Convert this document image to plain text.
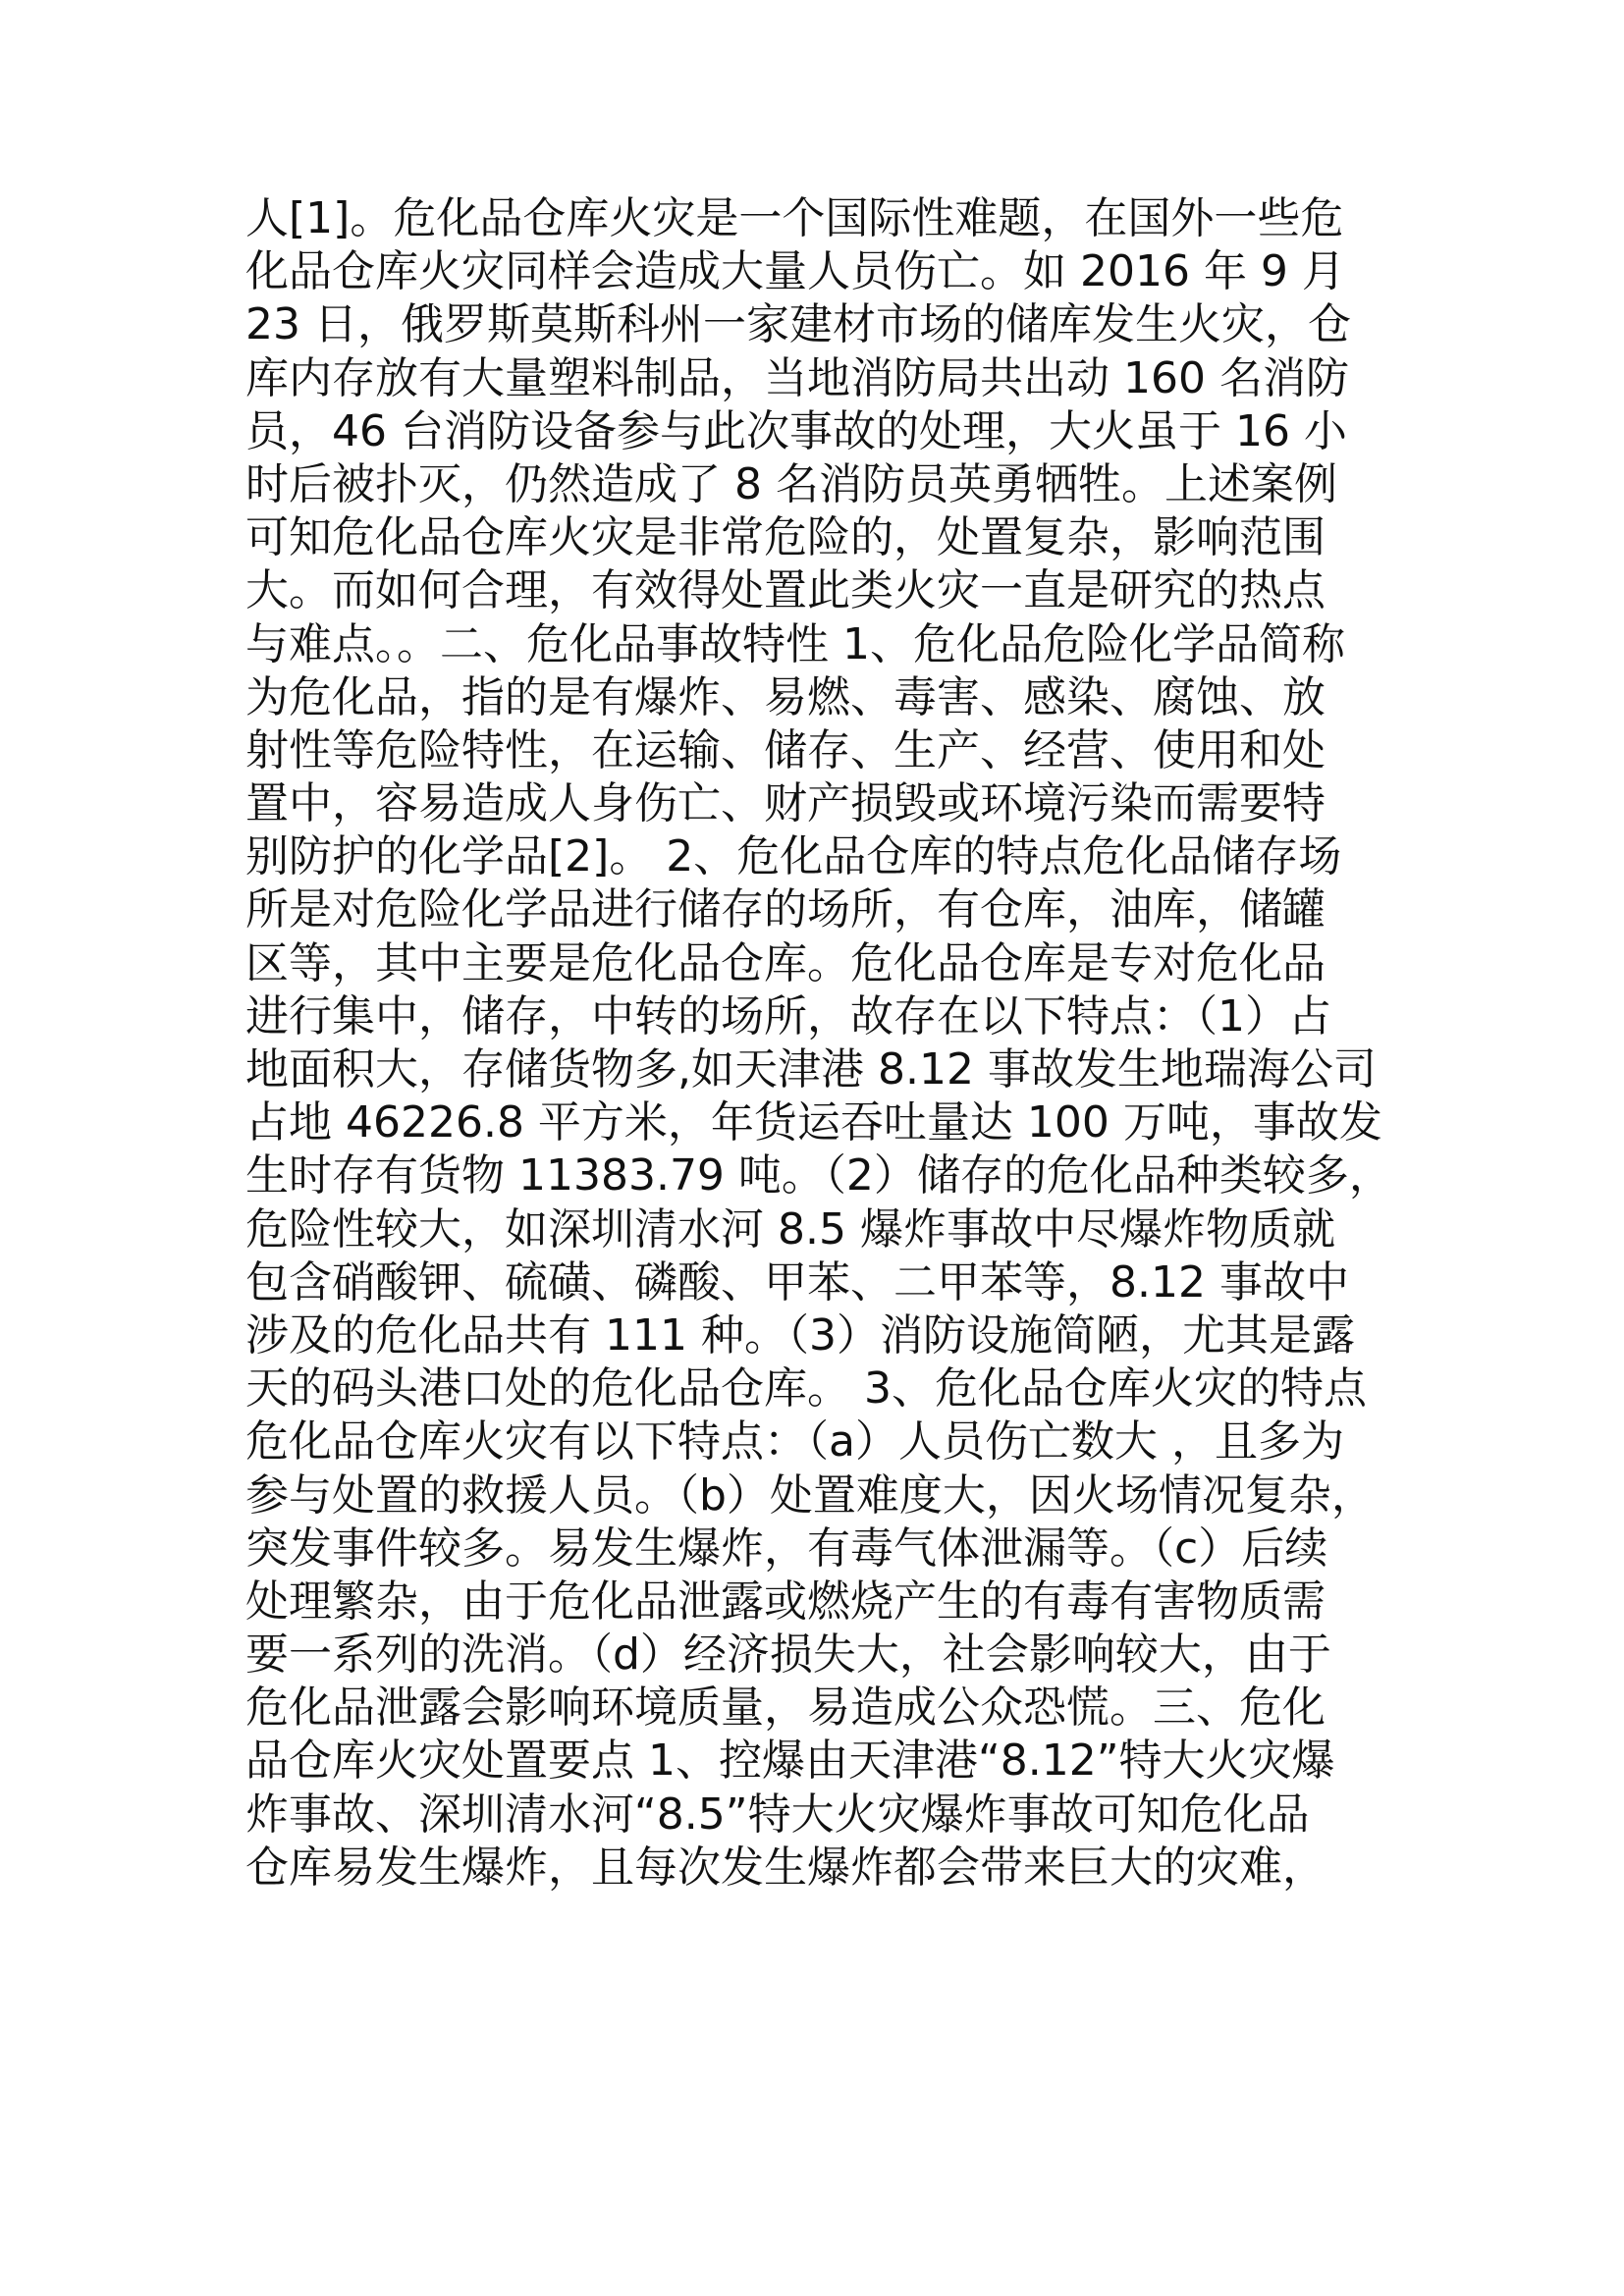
人[1]。危化品仓库火灾是一个国际性难题，在国外一些危
化品仓库火灾同样会造成大量人员伤亡。如 2016 年 9 月
23 日，俄罗斯莫斯科州一家建材市场的储库发生火灾，仓
库内存放有大量塑料制品，当地消防局共出动 160 名消防
员，46 台消防设备参与此次事故的处理，大火虽于 16 小
时后被扑灭，仍然造成了 8 名消防员英勇牺牲。上述案例
可知危化品仓库火灾是非常危险的，处置复杂，影响范围
大。而如何合理，有效得处置此类火灾一直是研究的热点
与难点。。二、危化品事故特性 1、危化品危险化学品简称
为危化品，指的是有爆炸、易燃、毒害、感染、腐蚀、放
射性等危险特性，在运输、储存、生产、经营、使用和处
置中，容易造成人身伤亡、财产损毁或环境污染而需要特
别防护的化学品[2]。 2、危化品仓库的特点危化品储存场
所是对危险化学品进行储存的场所，有仓库，油库，储罐
区等，其中主要是危化品仓库。危化品仓库是专对危化品
进行集中，储存，中转的场所，故存在以下特点：（1）占
地面积大，存储货物多,如天津港 8.12 事故发生地瑞海公司
占地 46226.8 平方米，年货运吞吐量达 100 万吨，事故发
生时存有货物 11383.79 吨。（2）储存的危化品种类较多，
危险性较大，如深圳清水河 8.5 爆炸事故中尽爆炸物质就
包含硝酸钾、硫磺、磷酸、甲苯、二甲苯等，8.12 事故中
涉及的危化品共有 111 种。（3）消防设施简陋，尤其是露
天的码头港口处的危化品仓库。 3、危化品仓库火灾的特点
危化品仓库火灾有以下特点：（a）人员伤亡数大 ，且多为
参与处置的救援人员。（b）处置难度大，因火场情况复杂，
突发事件较多。易发生爆炸，有毒气体泄漏等。（c）后续
处理繁杂，由于危化品泄露或燃烧产生的有毒有害物质需
要一系列的洗消。（d）经济损失大，社会影响较大，由于
危化品泄露会影响环境质量，易造成公众恐慌。三、危化
品仓库火灾处置要点 1、控爆由天津港“8.12”特大火灾爆
炸事故、深圳清水河“8.5”特大火灾爆炸事故可知危化品
仓库易发生爆炸，且每次发生爆炸都会带来巨大的灾难，
